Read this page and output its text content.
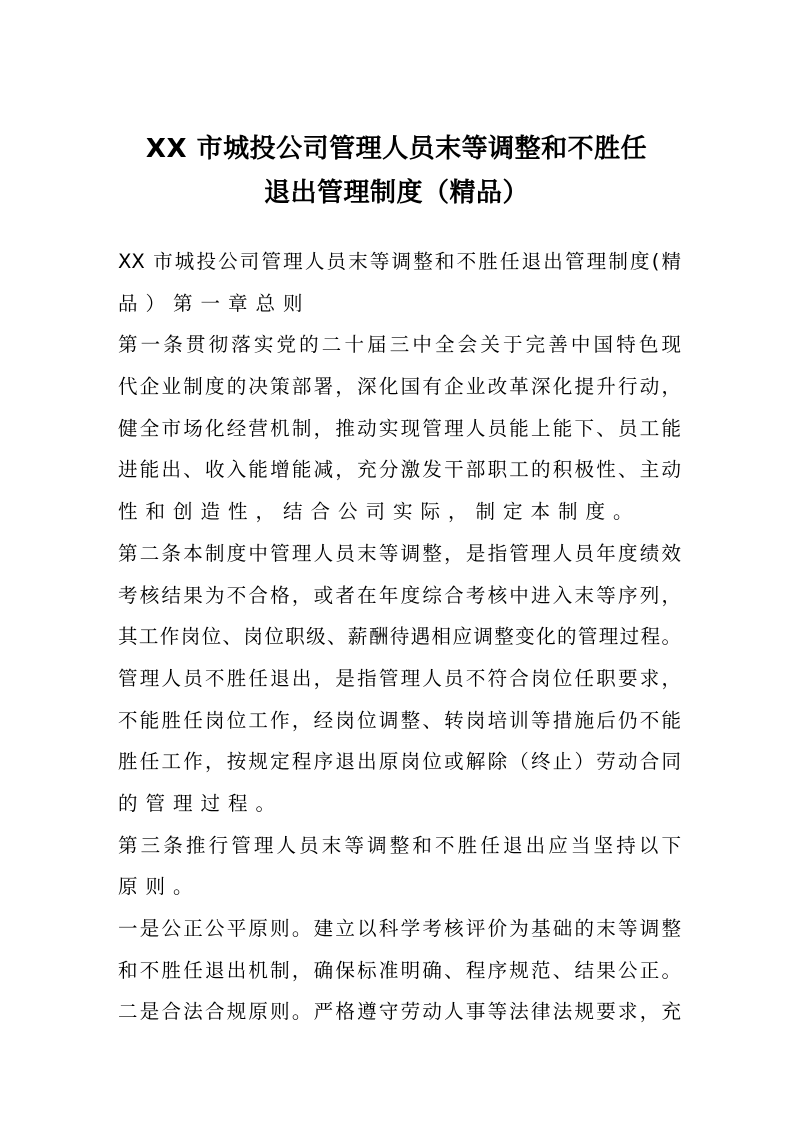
XX 市城投公司管理人员末等调整和不胜任
退出管理制度（精品）
XX 市城投公司管理人员末等调整和不胜任退出管理制度(精
品）第一章总则
第一条贯彻落实党的二十届三中全会关于完善中国特色现
代企业制度的决策部署，深化国有企业改革深化提升行动，
健全市场化经营机制，推动实现管理人员能上能下、员工能
进能出、收入能增能减，充分激发干部职工的积极性、主动
性和创造性，结合公司实际，制定本制度。
第二条本制度中管理人员末等调整，是指管理人员年度绩效
考核结果为不合格，或者在年度综合考核中进入末等序列，
其工作岗位、岗位职级、薪酬待遇相应调整变化的管理过程。
管理人员不胜任退出，是指管理人员不符合岗位任职要求，
不能胜任岗位工作，经岗位调整、转岗培训等措施后仍不能
胜任工作，按规定程序退出原岗位或解除（终止）劳动合同
的管理过程。
第三条推行管理人员末等调整和不胜任退出应当坚持以下
原则。
一是公正公平原则。建立以科学考核评价为基础的末等调整
和不胜任退出机制，确保标准明确、程序规范、结果公正。
二是合法合规原则。严格遵守劳动人事等法律法规要求，充
